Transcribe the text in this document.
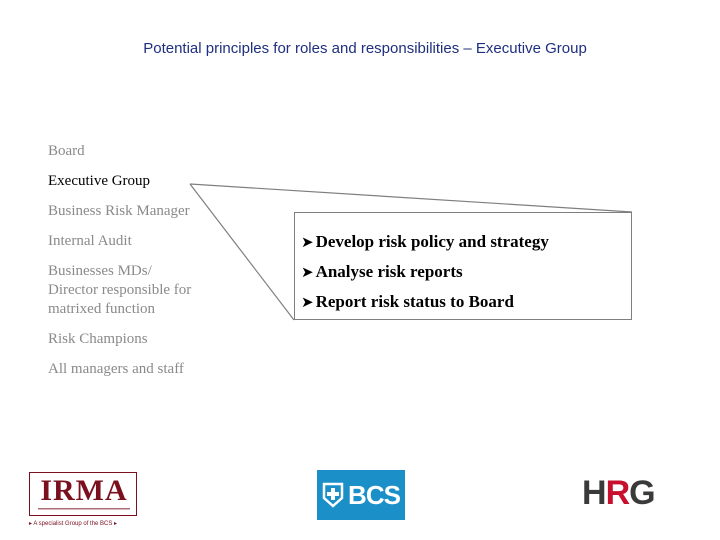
Potential principles for roles and responsibilities – Executive Group
Board
Executive Group
Business Risk Manager
Internal Audit
Businesses MDs/ Director responsible for matrixed function
Risk Champions
All managers and staff
➤ Develop risk policy and strategy
➤ Analyse risk reports
➤ Report risk status to Board
IRMA
▸ A specialist Group of the BCS ▸
BCS	HRG
